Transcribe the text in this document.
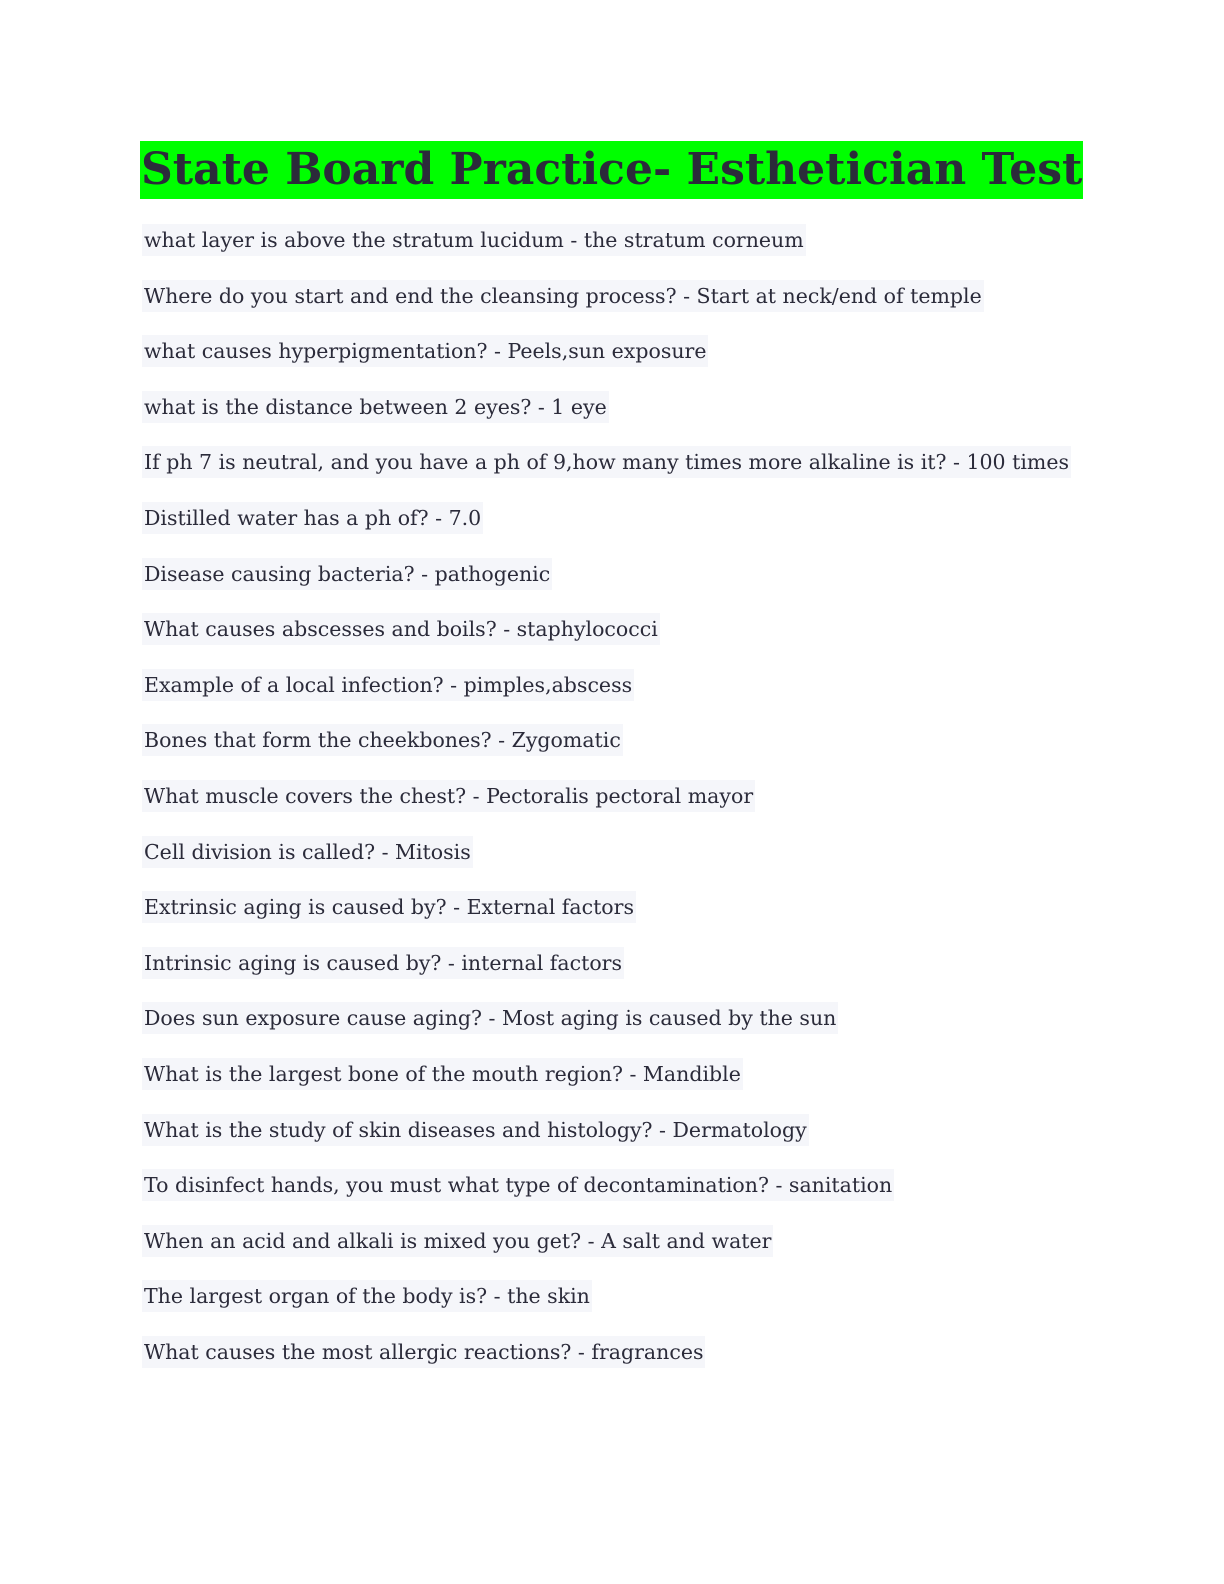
State Board Practice- Esthetician Test
what layer is above the stratum lucidum - the stratum corneum
Where do you start and end the cleansing process? - Start at neck/end of temple
what causes hyperpigmentation? - Peels,sun exposure
what is the distance between 2 eyes? - 1 eye
If ph 7 is neutral, and you have a ph of 9,how many times more alkaline is it? - 100 times
Distilled water has a ph of? - 7.0
Disease causing bacteria? - pathogenic
What causes abscesses and boils? - staphylococci
Example of a local infection? - pimples,abscess
Bones that form the cheekbones? - Zygomatic
What muscle covers the chest? - Pectoralis pectoral mayor
Cell division is called? - Mitosis
Extrinsic aging is caused by? - External factors
Intrinsic aging is caused by? - internal factors
Does sun exposure cause aging? - Most aging is caused by the sun
What is the largest bone of the mouth region? - Mandible
What is the study of skin diseases and histology? - Dermatology
To disinfect hands, you must what type of decontamination? - sanitation
When an acid and alkali is mixed you get? - A salt and water
The largest organ of the body is? - the skin
What causes the most allergic reactions? - fragrances
